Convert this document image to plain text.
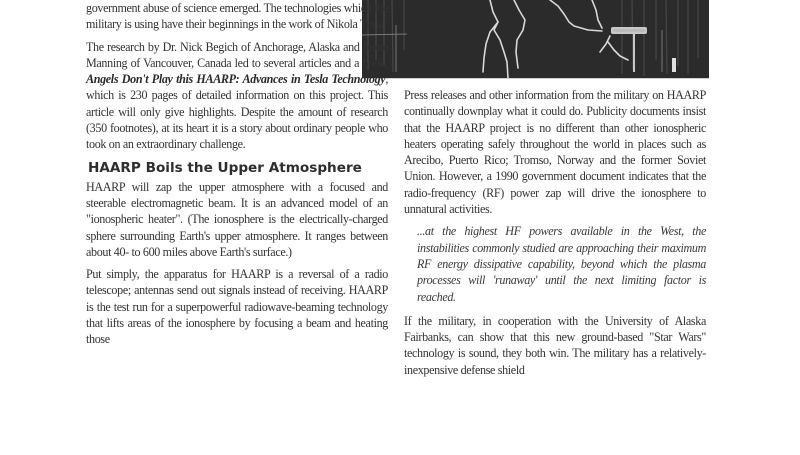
government abuse of science emerged. The technologies which the military is using have their beginnings in the work of Nikola Tesla.

The research by Dr. Nick Begich of Anchorage, Alaska and Jeane Manning of Vancouver, Canada led to several articles and a book, Angels Don't Play this HAARP: Advances in Tesla Technology, which is 230 pages of detailed information on this project. This article will only give highlights. Despite the amount of research (350 footnotes), at its heart it is a story about ordinary people who took on an extraordinary challenge.

HAARP Boils the Upper Atmosphere

HAARP will zap the upper atmosphere with a focused and steerable electromagnetic beam. It is an advanced model of an "ionospheric heater". (The ionosphere is the electrically-charged sphere surrounding Earth's upper atmosphere. It ranges between about 40- to 600 miles above Earth's surface.)

Put simply, the apparatus for HAARP is a reversal of a radio telescope; antennas send out signals instead of receiving. HAARP is the test run for a superpowerful radiowave-beaming technology that lifts areas of the ionosphere by focusing a beam and heating those

Press releases and other information from the military on HAARP continually downplay what it could do. Publicity documents insist that the HAARP project is no different than other ionospheric heaters operating safely throughout the world in places such as Arecibo, Puerto Rico; Tromso, Norway and the former Soviet Union. However, a 1990 government document indicates that the radio-frequency (RF) power zap will drive the ionosphere to unnatural activities.

...at the highest HF powers available in the West, the instabilities commonly studied are approaching their maximum RF energy dissipative capability, beyond which the plasma processes will 'runaway' until the next limiting factor is reached.

If the military, in cooperation with the University of Alaska Fairbanks, can show that this new ground-based "Star Wars" technology is sound, they both win. The military has a relatively-inexpensive defense shield
